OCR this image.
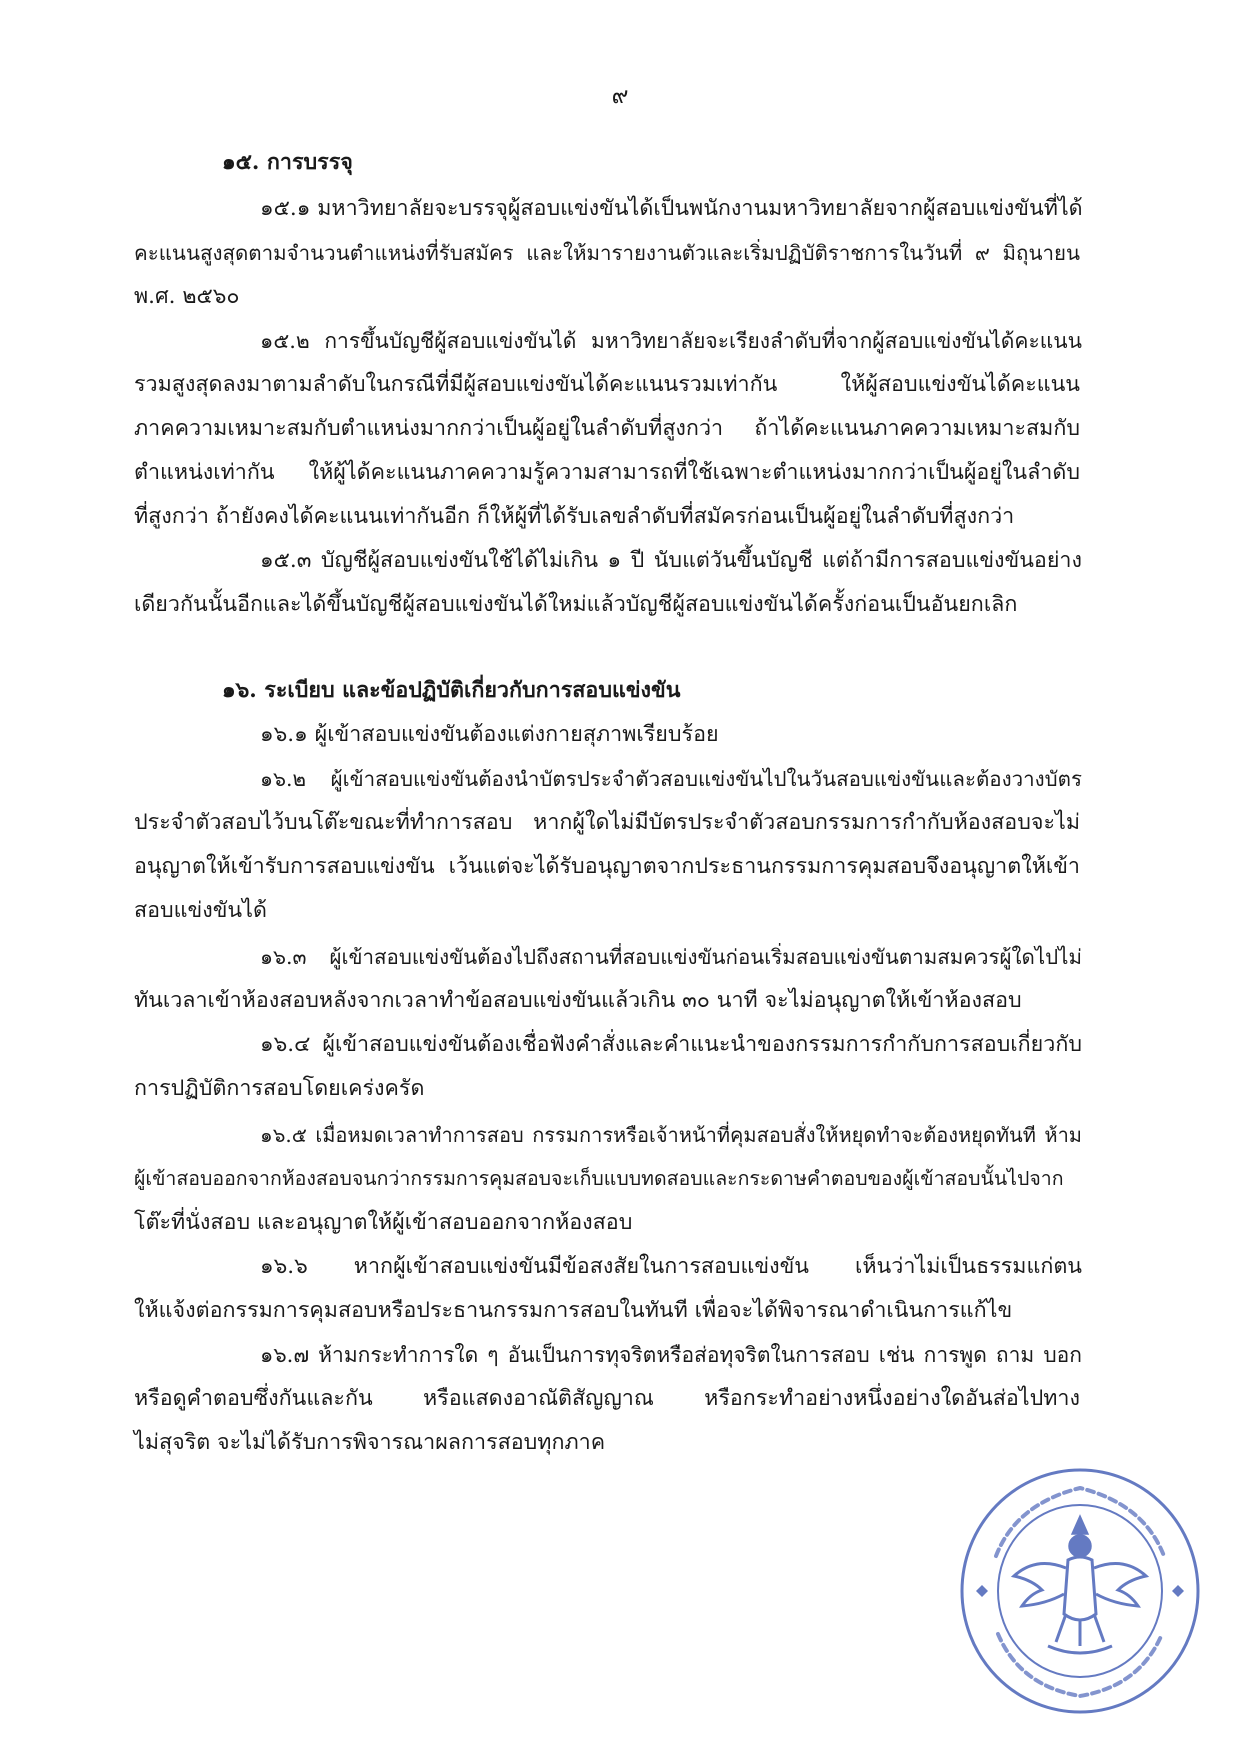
๙
๑๕. การบรรจุ
๑๕.๑ มหาวิทยาลัยจะบรรจุผู้สอบแข่งขันได้เป็นพนักงานมหาวิทยาลัยจากผู้สอบแข่งขันที่ได้
คะแนนสูงสุดตามจำนวนตำแหน่งที่รับสมัคร และให้มารายงานตัวและเริ่มปฏิบัติราชการในวันที่ ๙ มิถุนายน
พ.ศ. ๒๕๖๐
๑๕.๒ การขึ้นบัญชีผู้สอบแข่งขันได้ มหาวิทยาลัยจะเรียงลำดับที่จากผู้สอบแข่งขันได้คะแนน
รวมสูงสุดลงมาตามลำดับในกรณีที่มีผู้สอบแข่งขันได้คะแนนรวมเท่ากัน ให้ผู้สอบแข่งขันได้คะแนน
ภาคความเหมาะสมกับตำแหน่งมากกว่าเป็นผู้อยู่ในลำดับที่สูงกว่า ถ้าได้คะแนนภาคความเหมาะสมกับ
ตำแหน่งเท่ากัน ให้ผู้ได้คะแนนภาคความรู้ความสามารถที่ใช้เฉพาะตำแหน่งมากกว่าเป็นผู้อยู่ในลำดับ
ที่สูงกว่า ถ้ายังคงได้คะแนนเท่ากันอีก ก็ให้ผู้ที่ได้รับเลขลำดับที่สมัครก่อนเป็นผู้อยู่ในลำดับที่สูงกว่า
๑๕.๓ บัญชีผู้สอบแข่งขันใช้ได้ไม่เกิน ๑ ปี นับแต่วันขึ้นบัญชี แต่ถ้ามีการสอบแข่งขันอย่าง
เดียวกันนั้นอีกและได้ขึ้นบัญชีผู้สอบแข่งขันได้ใหม่แล้วบัญชีผู้สอบแข่งขันได้ครั้งก่อนเป็นอันยกเลิก
๑๖. ระเบียบ และข้อปฏิบัติเกี่ยวกับการสอบแข่งขัน
๑๖.๑ ผู้เข้าสอบแข่งขันต้องแต่งกายสุภาพเรียบร้อย
๑๖.๒ ผู้เข้าสอบแข่งขันต้องนำบัตรประจำตัวสอบแข่งขันไปในวันสอบแข่งขันและต้องวางบัตร
ประจำตัวสอบไว้บนโต๊ะขณะที่ทำการสอบ หากผู้ใดไม่มีบัตรประจำตัวสอบกรรมการกำกับห้องสอบจะไม่
อนุญาตให้เข้ารับการสอบแข่งขัน เว้นแต่จะได้รับอนุญาตจากประธานกรรมการคุมสอบจึงอนุญาตให้เข้า
สอบแข่งขันได้
๑๖.๓ ผู้เข้าสอบแข่งขันต้องไปถึงสถานที่สอบแข่งขันก่อนเริ่มสอบแข่งขันตามสมควรผู้ใดไปไม่
ทันเวลาเข้าห้องสอบหลังจากเวลาทำข้อสอบแข่งขันแล้วเกิน ๓๐ นาที จะไม่อนุญาตให้เข้าห้องสอบ
๑๖.๔ ผู้เข้าสอบแข่งขันต้องเชื่อฟังคำสั่งและคำแนะนำของกรรมการกำกับการสอบเกี่ยวกับ
การปฏิบัติการสอบโดยเคร่งครัด
๑๖.๕ เมื่อหมดเวลาทำการสอบ กรรมการหรือเจ้าหน้าที่คุมสอบสั่งให้หยุดทำจะต้องหยุดทันที ห้าม
ผู้เข้าสอบออกจากห้องสอบจนกว่ากรรมการคุมสอบจะเก็บแบบทดสอบและกระดาษคำตอบของผู้เข้าสอบนั้นไปจาก
โต๊ะที่นั่งสอบ และอนุญาตให้ผู้เข้าสอบออกจากห้องสอบ
๑๖.๖ หากผู้เข้าสอบแข่งขันมีข้อสงสัยในการสอบแข่งขัน เห็นว่าไม่เป็นธรรมแก่ตน
ให้แจ้งต่อกรรมการคุมสอบหรือประธานกรรมการสอบในทันที เพื่อจะได้พิจารณาดำเนินการแก้ไข
๑๖.๗ ห้ามกระทำการใด ๆ อันเป็นการทุจริตหรือส่อทุจริตในการสอบ เช่น การพูด ถาม บอก
หรือดูคำตอบซึ่งกันและกัน หรือแสดงอาณัติสัญญาณ หรือกระทำอย่างหนึ่งอย่างใดอันส่อไปทาง
ไม่สุจริต จะไม่ได้รับการพิจารณาผลการสอบทุกภาค
